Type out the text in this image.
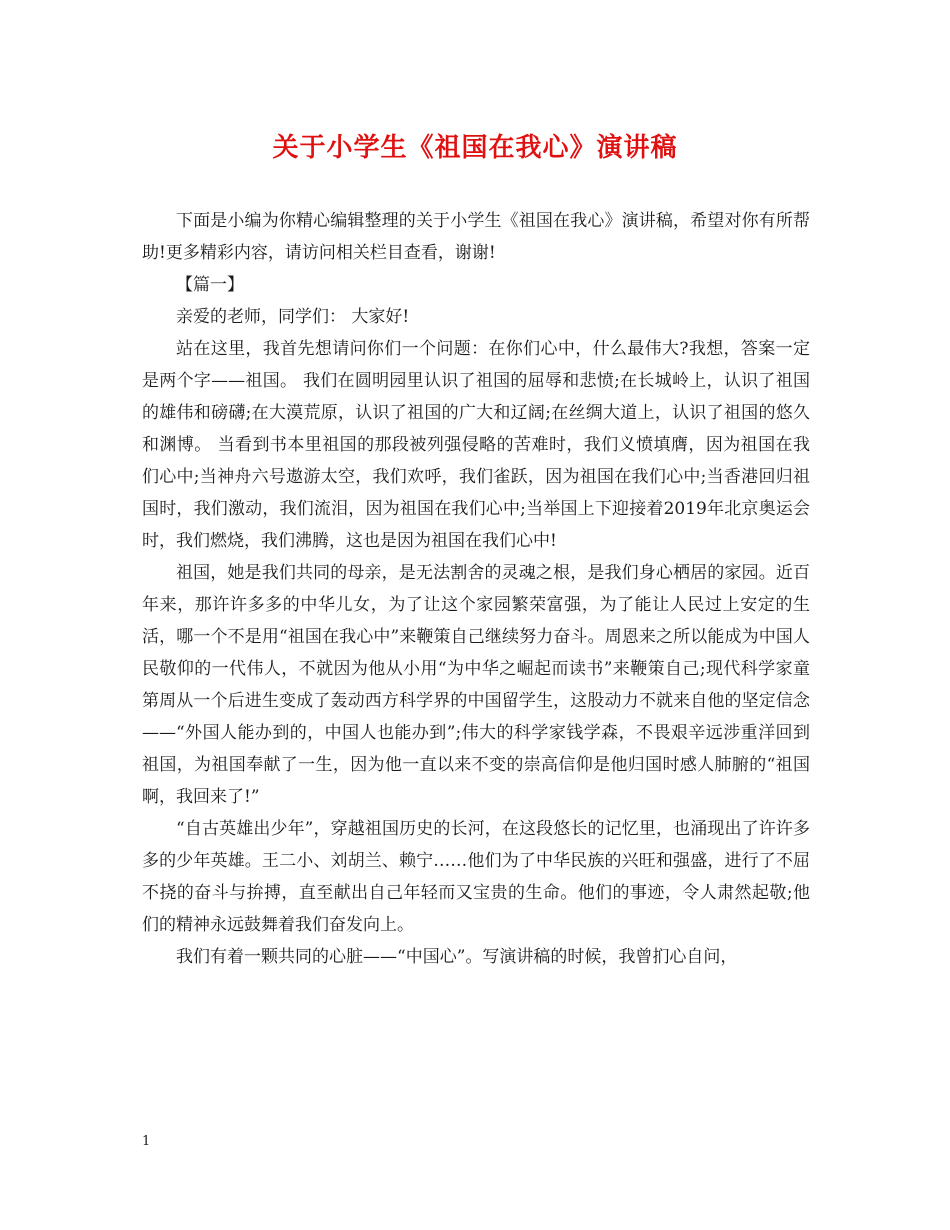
关于小学生《祖国在我心》演讲稿

下面是小编为你精心编辑整理的关于小学生《祖国在我心》演讲稿，希望对你有所帮助!更多精彩内容，请访问相关栏目查看，谢谢!

【篇一】

亲爱的老师，同学们： 大家好!

站在这里，我首先想请问你们一个问题：在你们心中，什么最伟大?我想，答案一定是两个字——祖国。 我们在圆明园里认识了祖国的屈辱和悲愤;在长城岭上，认识了祖国的雄伟和磅礴;在大漠荒原，认识了祖国的广大和辽阔;在丝绸大道上，认识了祖国的悠久和渊博。 当看到书本里祖国的那段被列强侵略的苦难时，我们义愤填膺，因为祖国在我们心中;当神舟六号遨游太空，我们欢呼，我们雀跃，因为祖国在我们心中;当香港回归祖国时，我们激动，我们流泪，因为祖国在我们心中;当举国上下迎接着2019年北京奥运会时，我们燃烧，我们沸腾，这也是因为祖国在我们心中!

祖国，她是我们共同的母亲，是无法割舍的灵魂之根，是我们身心栖居的家园。近百年来，那许许多多的中华儿女，为了让这个家园繁荣富强，为了能让人民过上安定的生活，哪一个不是用“祖国在我心中”来鞭策自己继续努力奋斗。周恩来之所以能成为中国人民敬仰的一代伟人，不就因为他从小用“为中华之崛起而读书”来鞭策自己;现代科学家童第周从一个后进生变成了轰动西方科学界的中国留学生，这股动力不就来自他的坚定信念——“外国人能办到的，中国人也能办到”;伟大的科学家钱学森，不畏艰辛远涉重洋回到祖国，为祖国奉献了一生，因为他一直以来不变的崇高信仰是他归国时感人肺腑的“祖国啊，我回来了!”

“自古英雄出少年”，穿越祖国历史的长河，在这段悠长的记忆里，也涌现出了许许多多的少年英雄。王二小、刘胡兰、赖宁……他们为了中华民族的兴旺和强盛，进行了不屈不挠的奋斗与拚搏，直至献出自己年轻而又宝贵的生命。他们的事迹，令人肃然起敬;他们的精神永远鼓舞着我们奋发向上。

我们有着一颗共同的心脏——“中国心”。写演讲稿的时候，我曾扪心自问，

1
